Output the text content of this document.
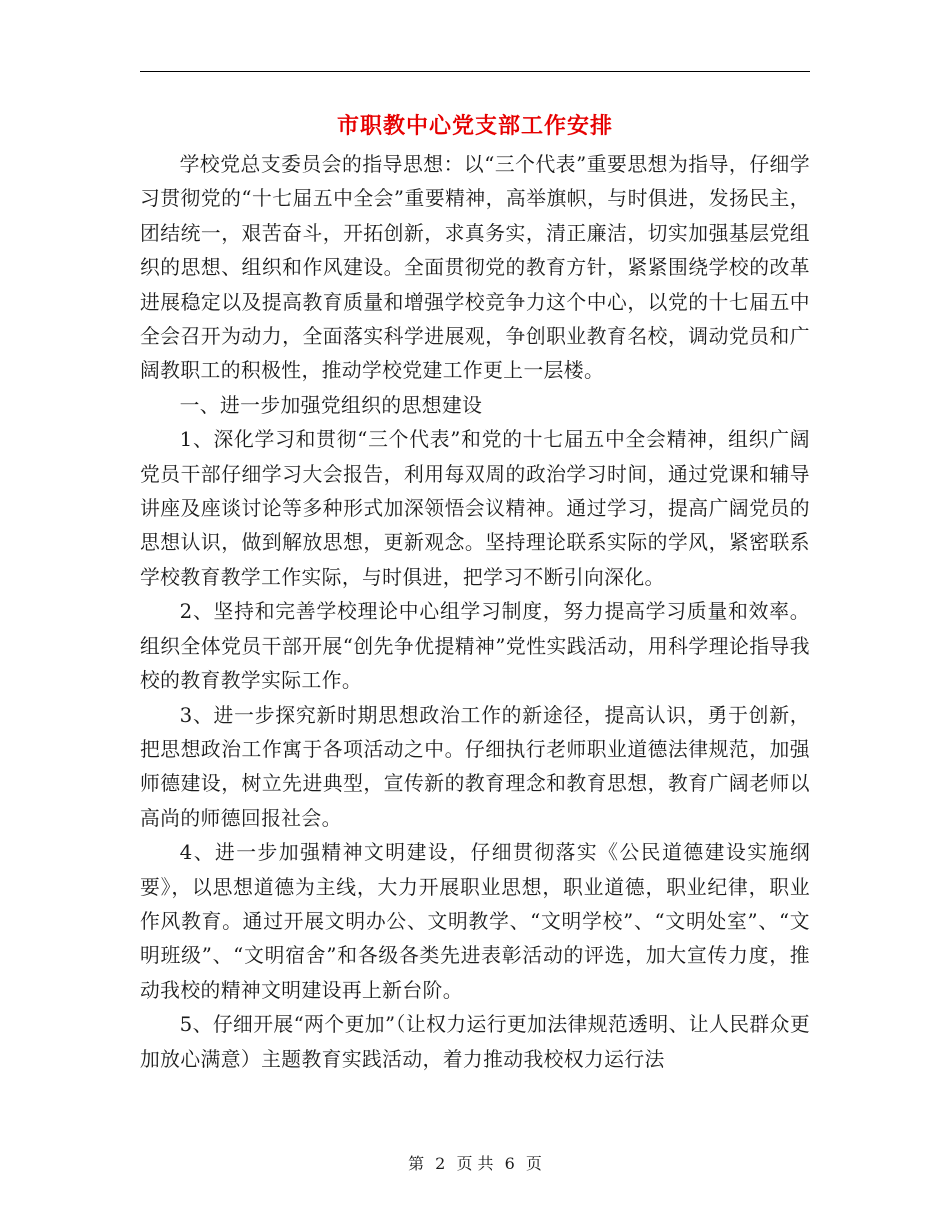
市职教中心党支部工作安排

学校党总支委员会的指导思想：以“三个代表”重要思想为指导，仔细学习贯彻党的“十七届五中全会”重要精神，高举旗帜，与时俱进，发扬民主，团结统一，艰苦奋斗，开拓创新，求真务实，清正廉洁，切实加强基层党组织的思想、组织和作风建设。全面贯彻党的教育方针，紧紧围绕学校的改革进展稳定以及提高教育质量和增强学校竞争力这个中心，以党的十七届五中全会召开为动力，全面落实科学进展观，争创职业教育名校，调动党员和广阔教职工的积极性，推动学校党建工作更上一层楼。

一、进一步加强党组织的思想建设

1、深化学习和贯彻“三个代表”和党的十七届五中全会精神，组织广阔党员干部仔细学习大会报告，利用每双周的政治学习时间，通过党课和辅导讲座及座谈讨论等多种形式加深领悟会议精神。通过学习，提高广阔党员的思想认识，做到解放思想，更新观念。坚持理论联系实际的学风，紧密联系学校教育教学工作实际，与时俱进，把学习不断引向深化。

2、坚持和完善学校理论中心组学习制度，努力提高学习质量和效率。组织全体党员干部开展“创先争优提精神”党性实践活动，用科学理论指导我校的教育教学实际工作。

3、进一步探究新时期思想政治工作的新途径，提高认识，勇于创新，把思想政治工作寓于各项活动之中。仔细执行老师职业道德法律规范，加强师德建设，树立先进典型，宣传新的教育理念和教育思想，教育广阔老师以高尚的师德回报社会。

4、进一步加强精神文明建设，仔细贯彻落实《公民道德建设实施纲要》，以思想道德为主线，大力开展职业思想，职业道德，职业纪律，职业作风教育。通过开展文明办公、文明教学、“文明学校”、“文明处室”、“文明班级”、“文明宿舍”和各级各类先进表彰活动的评选，加大宣传力度，推动我校的精神文明建设再上新台阶。

5、仔细开展“两个更加”（让权力运行更加法律规范透明、让人民群众更加放心满意）主题教育实践活动，着力推动我校权力运行法

第 2 页 共 6 页
